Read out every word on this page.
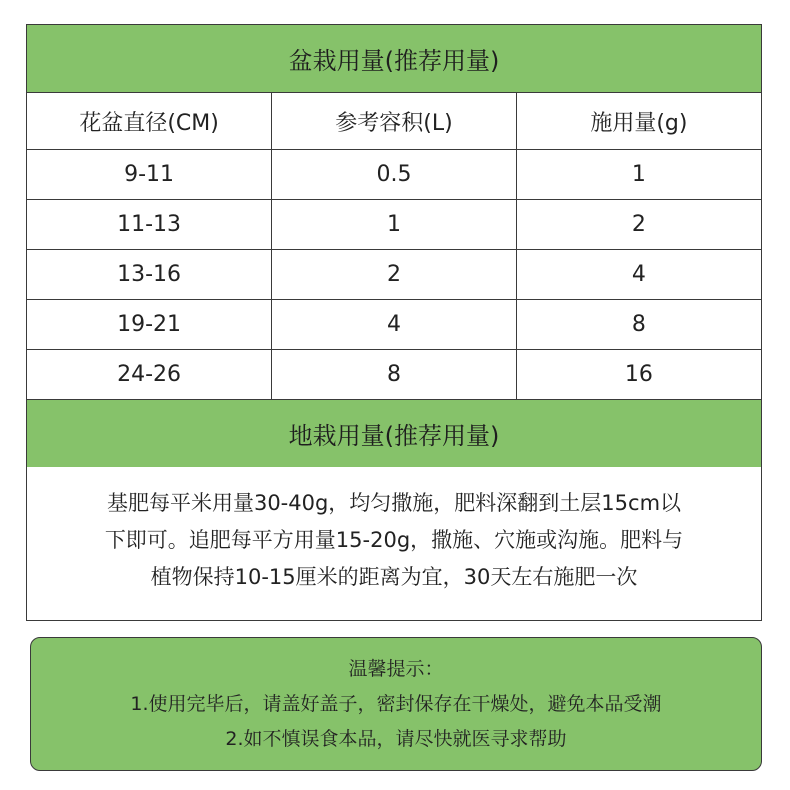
盆栽用量(推荐用量)
花盆直径(CM)	参考容积(L)	施用量(g)
9-11	0.5	1
11-13	1	2
13-16	2	4
19-21	4	8
24-26	8	16
地栽用量(推荐用量)
基肥每平米用量30-40g，均匀撒施，肥料深翻到土层15cm以
下即可。追肥每平方用量15-20g，撒施、穴施或沟施。肥料与
植物保持10-15厘米的距离为宜，30天左右施肥一次
温馨提示：
1.使用完毕后，请盖好盖子，密封保存在干燥处，避免本品受潮
2.如不慎误食本品，请尽快就医寻求帮助
